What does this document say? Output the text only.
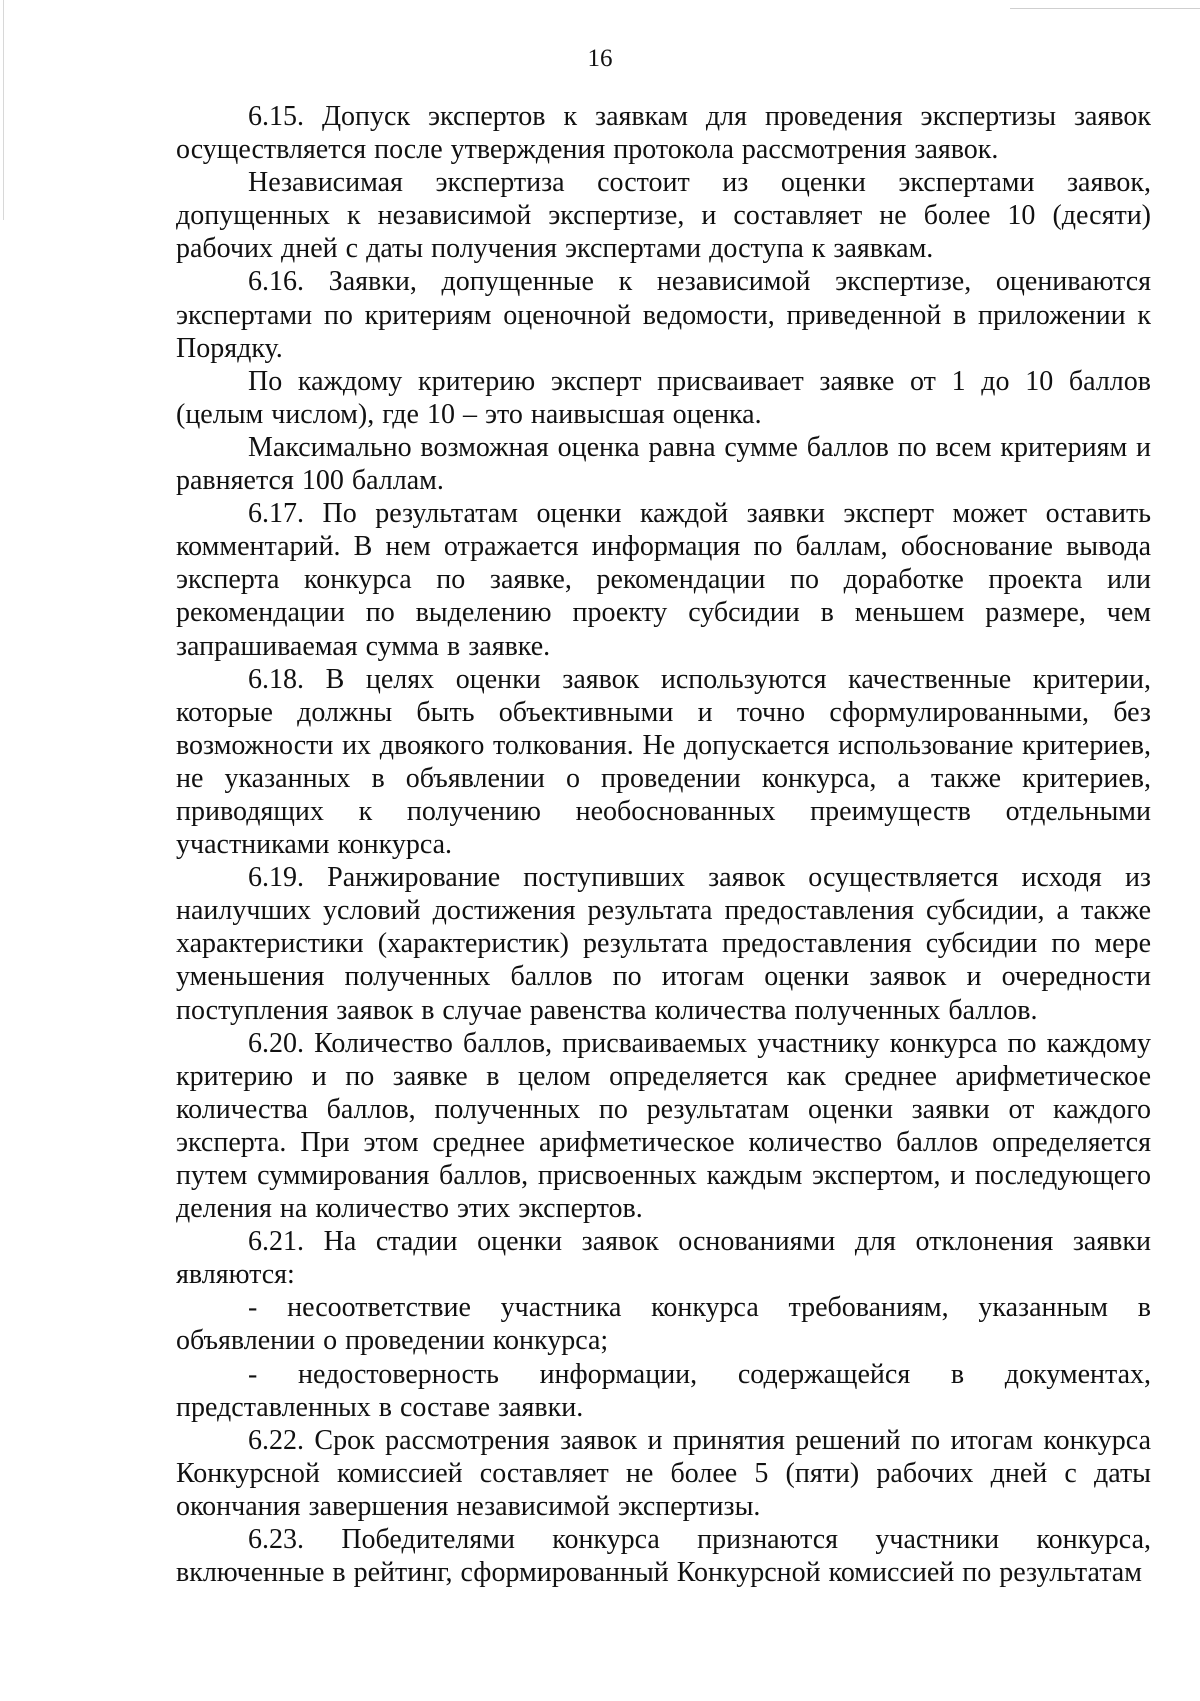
16

6.15. Допуск экспертов к заявкам для проведения экспертизы заявок осуществляется после утверждения протокола рассмотрения заявок.

Независимая экспертиза состоит из оценки экспертами заявок, допущенных к независимой экспертизе, и составляет не более 10 (десяти) рабочих дней с даты получения экспертами доступа к заявкам.

6.16. Заявки, допущенные к независимой экспертизе, оцениваются экспертами по критериям оценочной ведомости, приведенной в приложении к Порядку.

По каждому критерию эксперт присваивает заявке от 1 до 10 баллов (целым числом), где 10 – это наивысшая оценка.

Максимально возможная оценка равна сумме баллов по всем критериям и равняется 100 баллам.

6.17. По результатам оценки каждой заявки эксперт может оставить комментарий. В нем отражается информация по баллам, обоснование вывода эксперта конкурса по заявке, рекомендации по доработке проекта или рекомендации по выделению проекту субсидии в меньшем размере, чем запрашиваемая сумма в заявке.

6.18. В целях оценки заявок используются качественные критерии, которые должны быть объективными и точно сформулированными, без возможности их двоякого толкования. Не допускается использование критериев, не указанных в объявлении о проведении конкурса, а также критериев, приводящих к получению необоснованных преимуществ отдельными участниками конкурса.

6.19. Ранжирование поступивших заявок осуществляется исходя из наилучших условий достижения результата предоставления субсидии, а также характеристики (характеристик) результата предоставления субсидии по мере уменьшения полученных баллов по итогам оценки заявок и очередности поступления заявок в случае равенства количества полученных баллов.

6.20. Количество баллов, присваиваемых участнику конкурса по каждому критерию и по заявке в целом определяется как среднее арифметическое количества баллов, полученных по результатам оценки заявки от каждого эксперта. При этом среднее арифметическое количество баллов определяется путем суммирования баллов, присвоенных каждым экспертом, и последующего деления на количество этих экспертов.

6.21. На стадии оценки заявок основаниями для отклонения заявки являются:

- несоответствие участника конкурса требованиям, указанным в объявлении о проведении конкурса;

- недостоверность информации, содержащейся в документах, представленных в составе заявки.

6.22. Срок рассмотрения заявок и принятия решений по итогам конкурса Конкурсной комиссией составляет не более 5 (пяти) рабочих дней с даты окончания завершения независимой экспертизы.

6.23. Победителями конкурса признаются участники конкурса, включенные в рейтинг, сформированный Конкурсной комиссией по результатам
